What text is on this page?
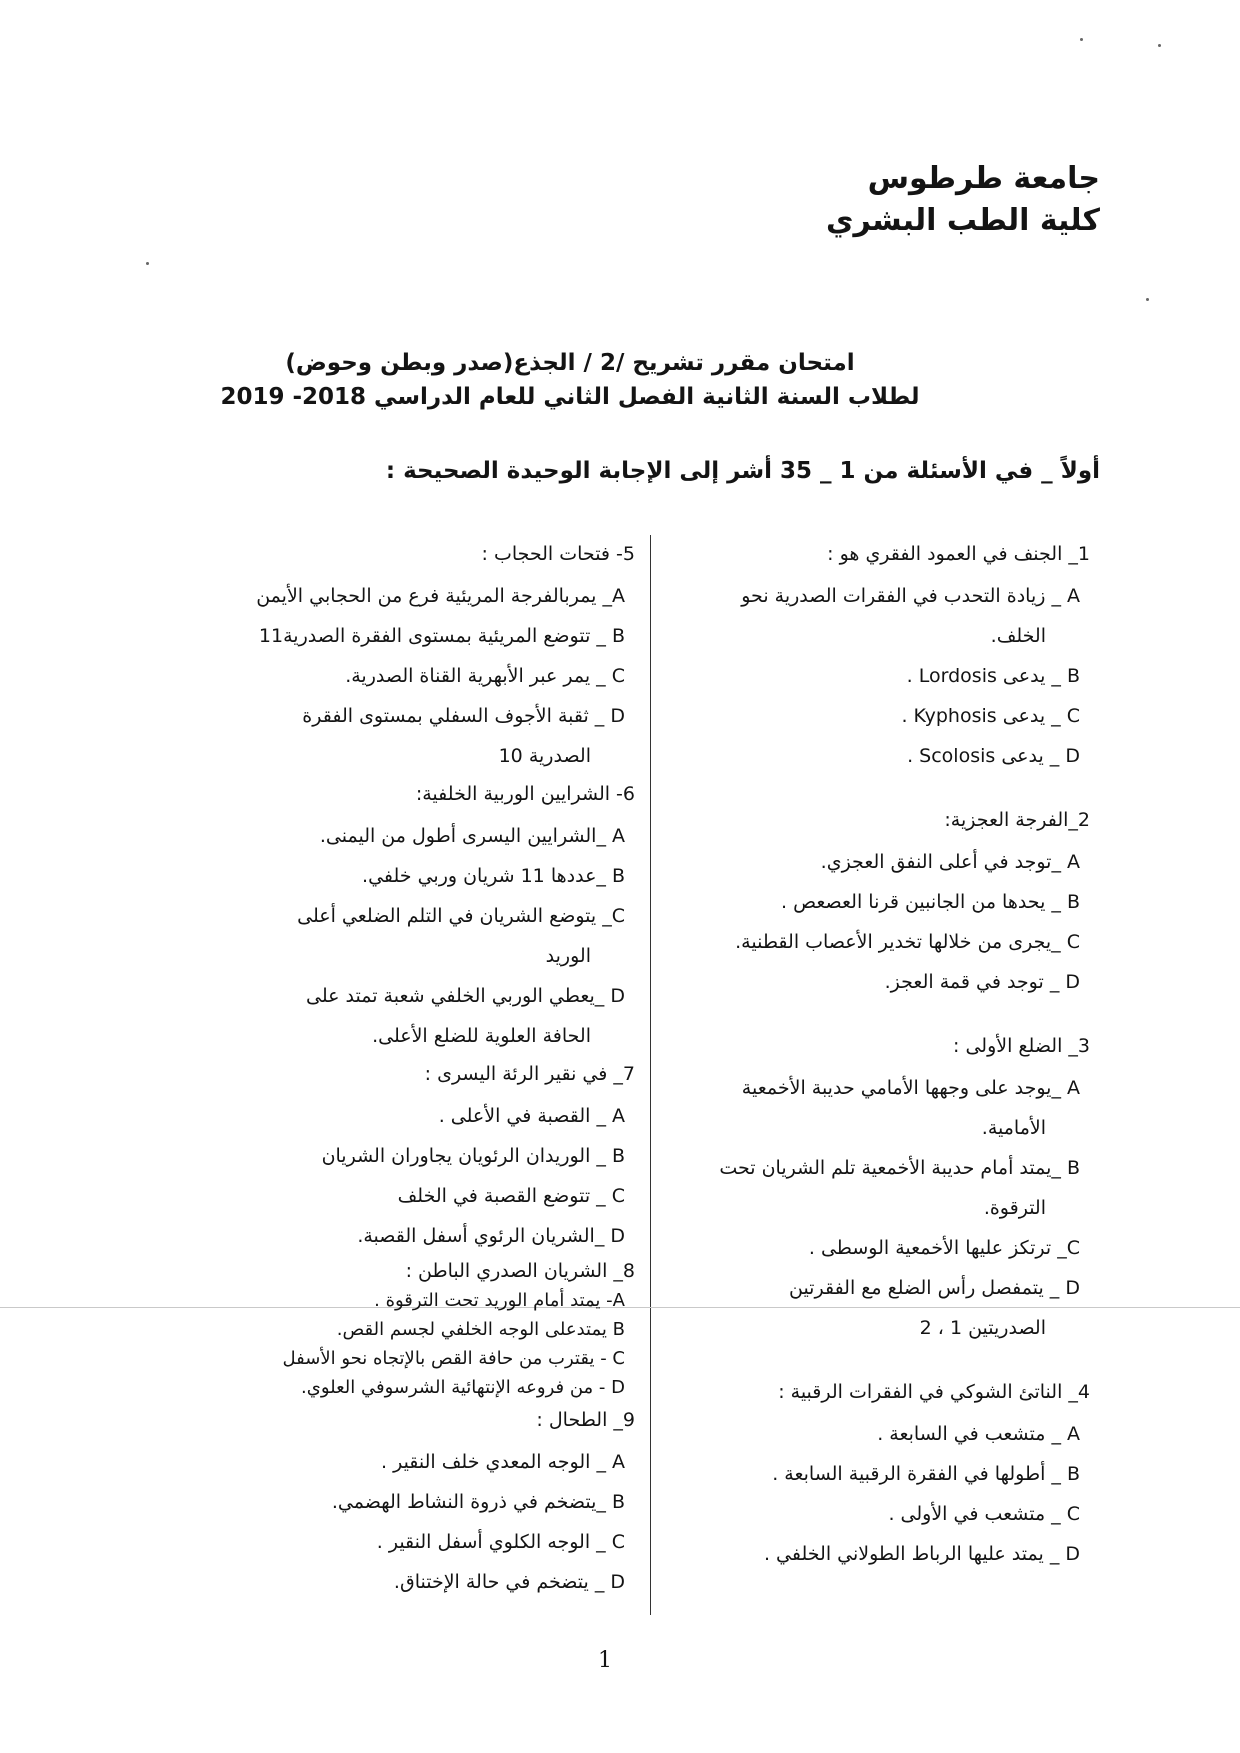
جامعة طرطوس
كلية الطب البشري
امتحان مقرر تشريح /2 / الجذع(صدر وبطن وحوض)
لطلاب السنة الثانية الفصل الثاني للعام الدراسي 2018- 2019
أولاً _ في الأسئلة من 1 _ 35 أشر إلى الإجابة الوحيدة الصحيحة :
1_ الجنف في العمود الفقري هو :
A _ زيادة التحدب في الفقرات الصدرية نحو
الخلف.
B _ يدعى Lordosis .
C _ يدعى Kyphosis .
D _ يدعى Scolosis .
2_الفرجة العجزية:
A _توجد في أعلى النفق العجزي.
B _ يحدها من الجانبين قرنا العصعص .
C _يجرى من خلالها تخدير الأعصاب القطنية.
D _ توجد في قمة العجز.
3_ الضلع الأولى :
A _يوجد على وجهها الأمامي حديبة الأخمعية
الأمامية.
B _يمتد أمام حديبة الأخمعية تلم الشريان تحت
الترقوة.
C_ ترتكز عليها الأخمعية الوسطى .
D _ يتمفصل رأس الضلع مع الفقرتين
الصدريتين 1 ، 2
4_ الناتئ الشوكي في الفقرات الرقبية :
A _ متشعب في السابعة .
B _ أطولها في الفقرة الرقبية السابعة .
C _ متشعب في الأولى .
D _ يمتد عليها الرباط الطولاني الخلفي .
5- فتحات الحجاب :
A_ يمربالفرجة المريئية فرع من الحجابي الأيمن
B _ تتوضع المريئية بمستوى الفقرة الصدرية11
C _ يمر عبر الأبهرية القناة الصدرية.
D _ ثقبة الأجوف السفلي بمستوى الفقرة
الصدرية 10
6- الشرايين الوربية الخلفية:
A _الشرايين اليسرى أطول من اليمنى.
B _عددها 11 شريان وربي خلفي.
C_ يتوضع الشريان في التلم الضلعي أعلى
الوريد
D _يعطي الوربي الخلفي شعبة تمتد على
الحافة العلوية للضلع الأعلى.
7_ في نقير الرئة اليسرى :
A _ القصبة في الأعلى .
B _ الوريدان الرئويان يجاوران الشريان
C _ تتوضع القصبة في الخلف
D _الشريان الرئوي أسفل القصبة.
8_ الشريان الصدري الباطن :
A- يمتد أمام الوريد تحت الترقوة .
B يمتدعلى الوجه الخلفي لجسم القص.
C - يقترب من حافة القص بالإتجاه نحو الأسفل
D - من فروعه الإنتهائية الشرسوفي العلوي.
9_ الطحال :
A _ الوجه المعدي خلف النقير .
B _يتضخم في ذروة النشاط الهضمي.
C _ الوجه الكلوي أسفل النقير .
D _ يتضخم في حالة الإختناق.
1
